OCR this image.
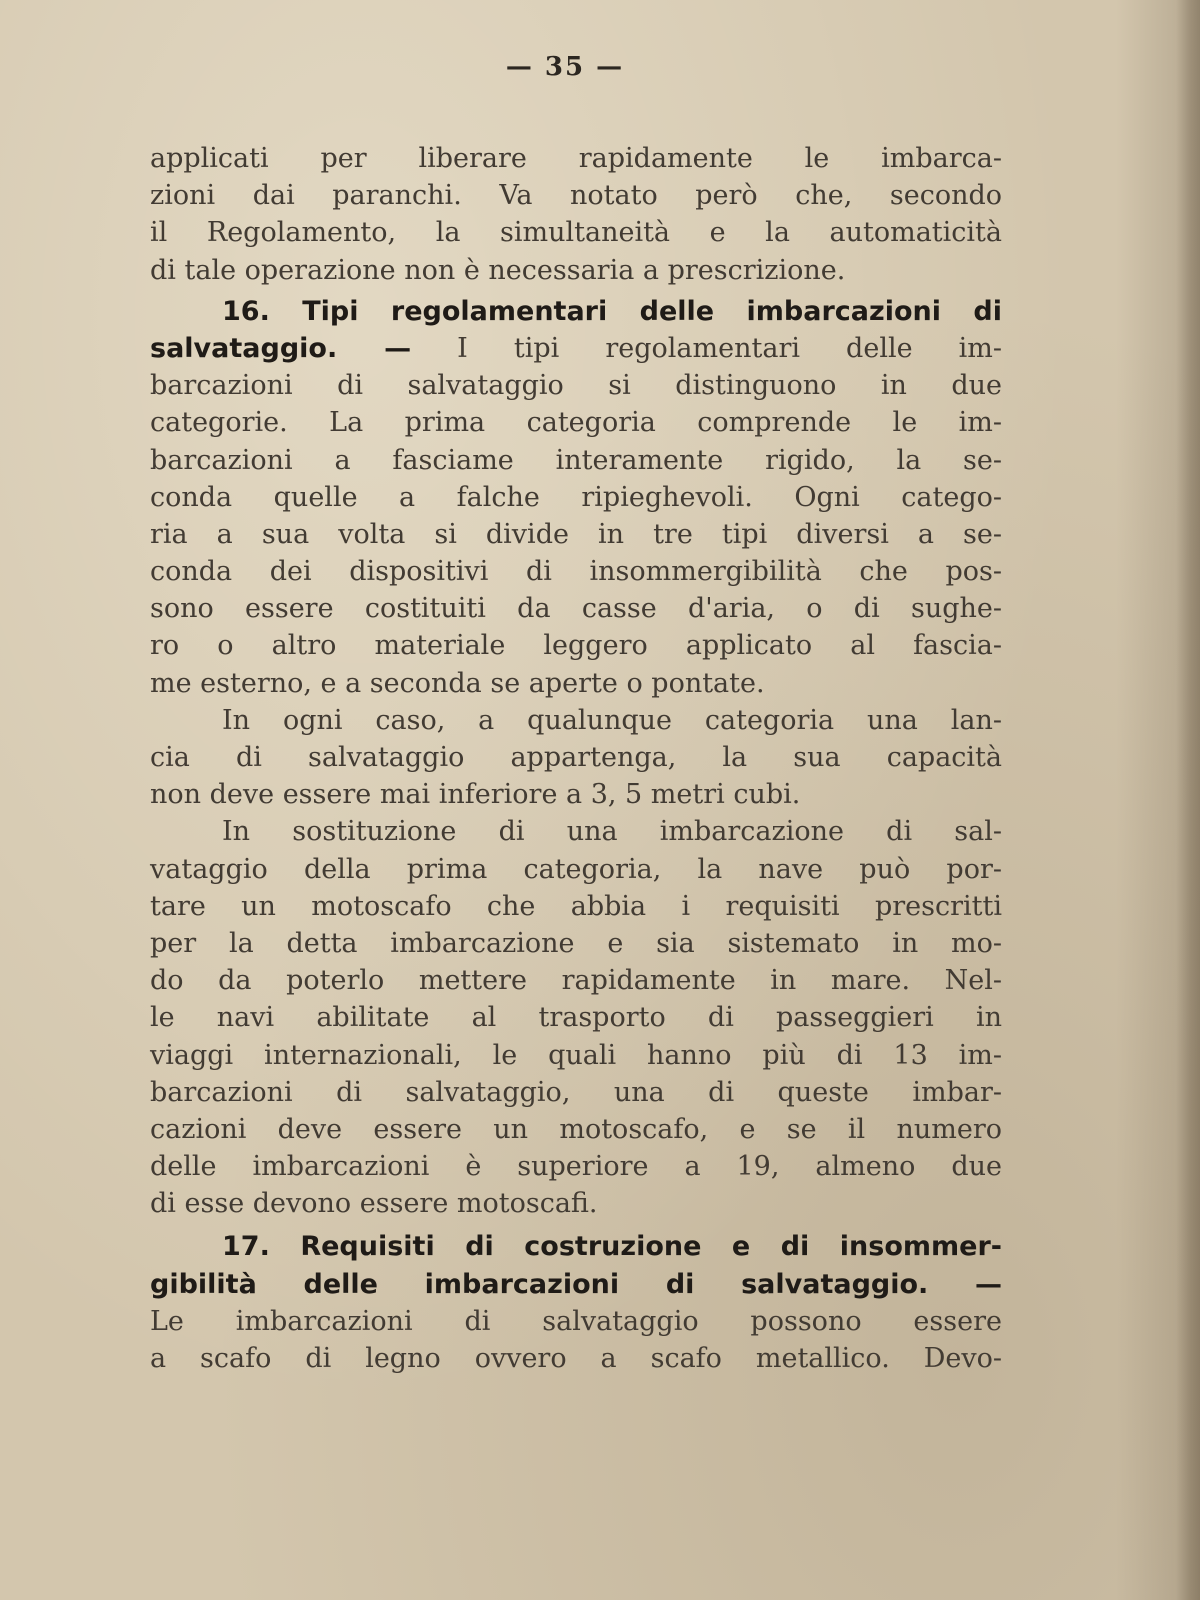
— 35 —
applicati per liberare rapidamente le imbarca-
zioni dai paranchi. Va notato però che, secondo
il Regolamento, la simultaneità e la automaticità
di tale operazione non è necessaria a prescrizione.
16. Tipi regolamentari delle imbarcazioni di
salvataggio. — I tipi regolamentari delle im-
barcazioni di salvataggio si distinguono in due
categorie. La prima categoria comprende le im-
barcazioni a fasciame interamente rigido, la se-
conda quelle a falche ripieghevoli. Ogni catego-
ria a sua volta si divide in tre tipi diversi a se-
conda dei dispositivi di insommergibilità che pos-
sono essere costituiti da casse d'aria, o di sughe-
ro o altro materiale leggero applicato al fascia-
me esterno, e a seconda se aperte o pontate.
In ogni caso, a qualunque categoria una lan-
cia di salvataggio appartenga, la sua capacità
non deve essere mai inferiore a 3, 5 metri cubi.
In sostituzione di una imbarcazione di sal-
vataggio della prima categoria, la nave può por-
tare un motoscafo che abbia i requisiti prescritti
per la detta imbarcazione e sia sistemato in mo-
do da poterlo mettere rapidamente in mare. Nel-
le navi abilitate al trasporto di passeggieri in
viaggi internazionali, le quali hanno più di 13 im-
barcazioni di salvataggio, una di queste imbar-
cazioni deve essere un motoscafo, e se il numero
delle imbarcazioni è superiore a 19, almeno due
di esse devono essere motoscafi.
17. Requisiti di costruzione e di insommer-
gibilità delle imbarcazioni di salvataggio. —
Le imbarcazioni di salvataggio possono essere
a scafo di legno ovvero a scafo metallico. Devo-
